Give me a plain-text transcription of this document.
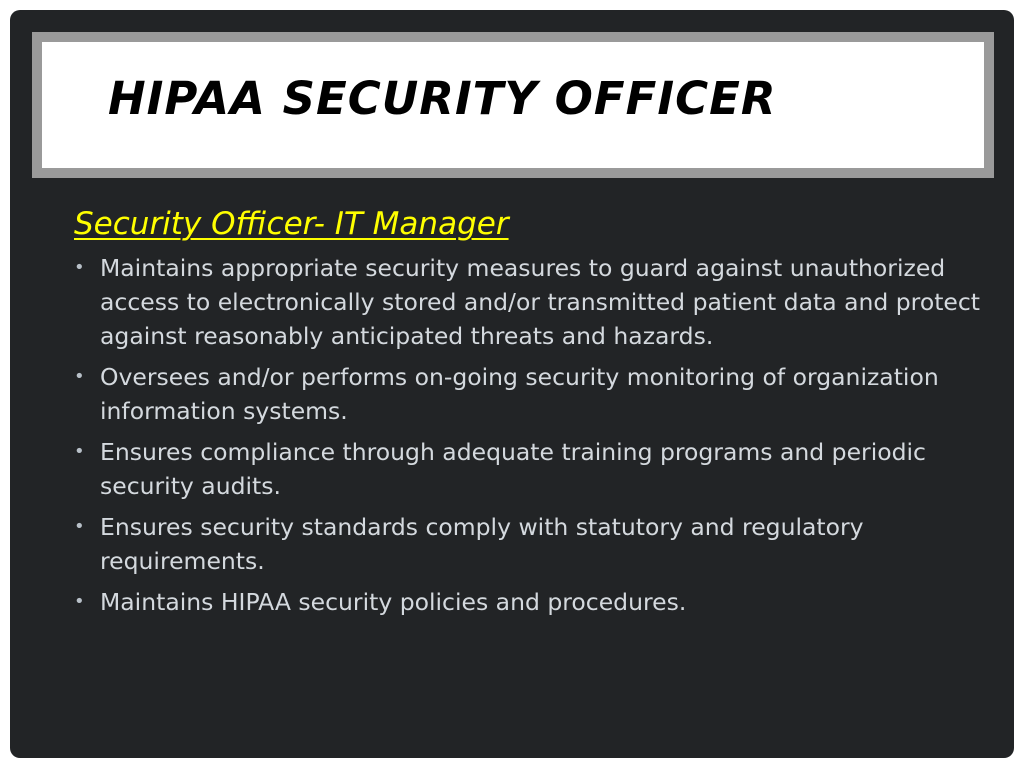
HIPAA SECURITY OFFICER
Security Officer- IT Manager
• Maintains appropriate security measures to guard against unauthorized access to electronically stored and/or transmitted patient data and protect against reasonably anticipated threats and hazards.
• Oversees and/or performs on-going security monitoring of organization information systems.
• Ensures compliance through adequate training programs and periodic security audits.
• Ensures security standards comply with statutory and regulatory requirements.
• Maintains HIPAA security policies and procedures.
